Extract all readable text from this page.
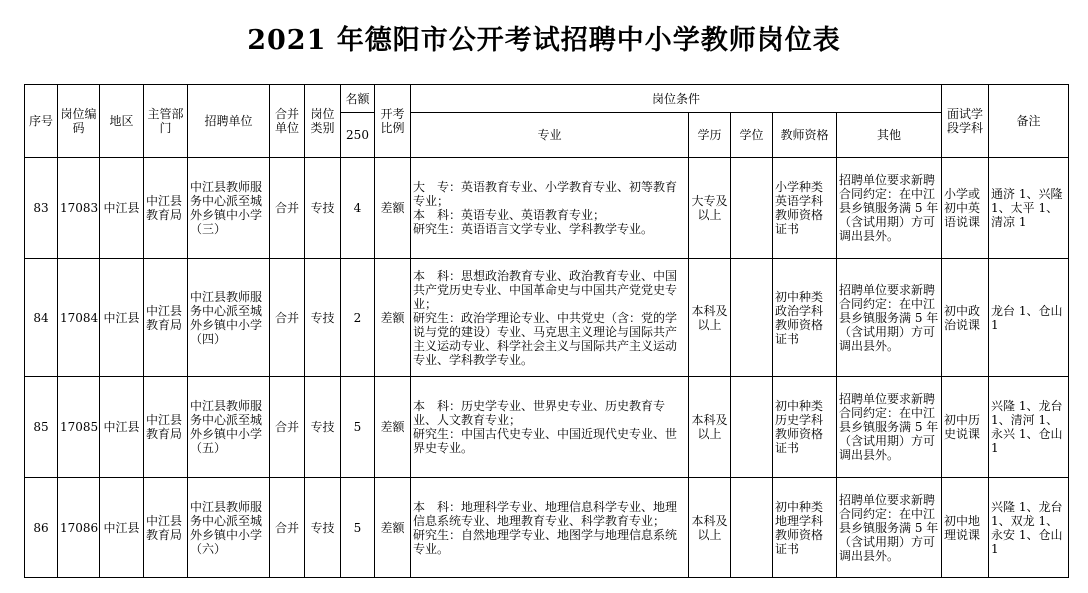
2021 年德阳市公开考试招聘中小学教师岗位表
序号	岗位编码	地区	主管部门	招聘单位	合并单位	岗位类别	名额	开考比例	岗位条件					面试学段学科	备注
							250		专业	学历	学位	教师资格	其他		
83	17083	中江县	中江县教育局	中江县教师服务中心派至城外乡镇中小学（三）	合并	专技	4	差额	大　专：英语教育专业、小学教育专业、初等教育专业；
本　科：英语专业、英语教育专业；
研究生：英语语言文学专业、学科教学专业。	大专及以上		小学种类英语学科教师资格证书	招聘单位要求新聘合同约定：在中江县乡镇服务满 5 年（含试用期）方可调出县外。	小学或初中英语说课	通济 1、兴隆 1、太平 1、清凉 1
84	17084	中江县	中江县教育局	中江县教师服务中心派至城外乡镇中小学（四）	合并	专技	2	差额	本　科：思想政治教育专业、政治教育专业、中国共产党历史专业、中国革命史与中国共产党党史专业；
研究生：政治学理论专业、中共党史（含：党的学说与党的建设）专业、马克思主义理论与国际共产主义运动专业、科学社会主义与国际共产主义运动专业、学科教学专业。	本科及以上		初中种类政治学科教师资格证书	招聘单位要求新聘合同约定：在中江县乡镇服务满 5 年（含试用期）方可调出县外。	初中政治说课	龙台 1、仓山 1
85	17085	中江县	中江县教育局	中江县教师服务中心派至城外乡镇中小学（五）	合并	专技	5	差额	本　科：历史学专业、世界史专业、历史教育专业、人文教育专业；
研究生：中国古代史专业、中国近现代史专业、世界史专业。	本科及以上		初中种类历史学科教师资格证书	招聘单位要求新聘合同约定：在中江县乡镇服务满 5 年（含试用期）方可调出县外。	初中历史说课	兴隆 1、龙台 1、清河 1、永兴 1、仓山 1
86	17086	中江县	中江县教育局	中江县教师服务中心派至城外乡镇中小学（六）	合并	专技	5	差额	本　科：地理科学专业、地理信息科学专业、地理信息系统专业、地理教育专业、科学教育专业；
研究生：自然地理学专业、地图学与地理信息系统专业。	本科及以上		初中种类地理学科教师资格证书	招聘单位要求新聘合同约定：在中江县乡镇服务满 5 年（含试用期）方可调出县外。	初中地理说课	兴隆 1、龙台 1、双龙 1、永安 1、仓山 1
